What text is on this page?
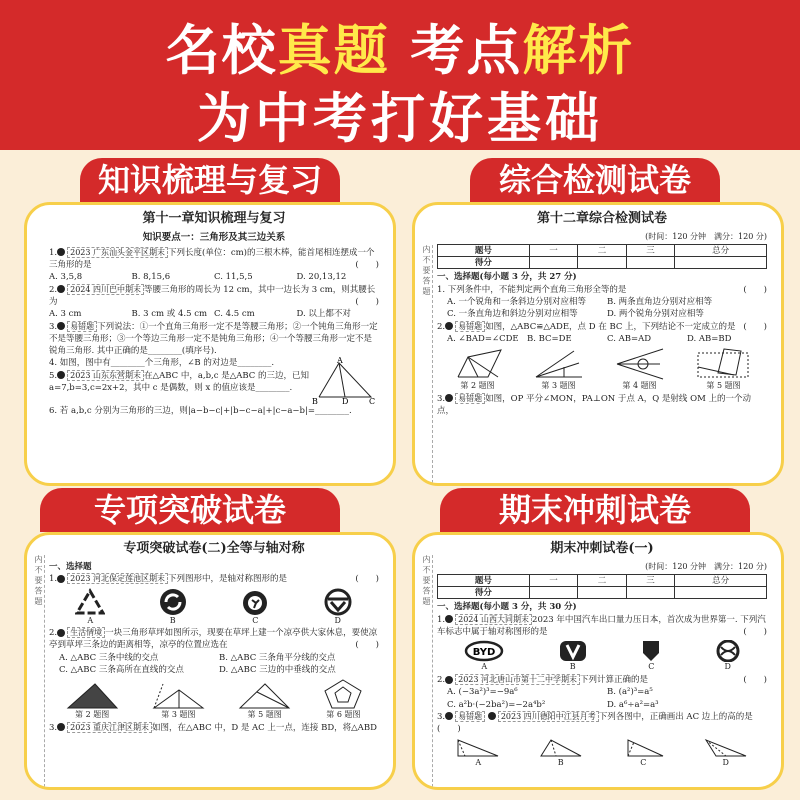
名校真题 考点解析
为中考打好基础
知识梳理与复习
第十一章知识梳理与复习
知识要点一：三角形及其三边关系
1. 2023 广东汕头金平区期末 下列长度(单位：cm)的三根木棒，能首尾相连摆成一个三角形的是	(　　)
A. 3,5,8	B. 8,15,6	C. 11,5,5	D. 20,13,12
2. 2024 四川巴中期末 等腰三角形的周长为 12 cm，其中一边长为 3 cm，则其腰长为	(　　)
A. 3 cm	B. 3 cm 或 4.5 cm C. 4.5 cm	D. 以上都不对
3. 易错题 下列说法：①一个直角三角形一定不是等腰三角形；②一个钝角三角形一定不是等腰三角形；③一个等边三角形一定不是钝角三角形；④一个等腰三角形一定不是锐角三角形. 其中正确的是________(填序号).
4. 如图，图中有________个三角形，∠B 的对边是________.
5. 2023 山东东营期末 在△ABC 中，a,b,c 是△ABC 的三边，已知 a=7,b=3,c=2x+2，其中 c 是偶数，则 x 的值应该是________.
A
B	D	C
6. 若 a,b,c 分别为三角形的三边，则|a−b−c|+|b−c−a|+|c−a−b|=________.
综合检测试卷
内 不 要 答 题
第十二章综合检测试卷
(时间：120 分钟　满分：120 分)
题号	一	二	三	总分
得分				
一、选择题(每小题 3 分，共 27 分)
1. 下列条件中，不能判定两个直角三角形全等的是	(　　)
A. 一个锐角和一条斜边分别对应相等	B. 两条直角边分别对应相等
C. 一条直角边和斜边分别对应相等	D. 两个锐角分别对应相等
2. 易错题 如图，△ABC≌△ADE，点 D 在 BC 上，下列结论不一定成立的是 (　　)
A. ∠BAD=∠CDE B. BC=DE	C. AB=AD	D. AB=BD
第 2 题图	第 3 题图	第 4 题图	第 5 题图
3. 易错题 如图，OP 平分∠MON，PA⊥ON 于点 A，Q 是射线 OM 上的一个动点，
专项突破试卷
内 不 要 答 题
专项突破试卷(二)全等与轴对称
一、选择题
1. 2023 河北保定莲池区期末 下列图形中，是轴对称图形的是	(　　)
A	B	C	D
2. 生活情境 一块三角形草坪如图所示，现要在草坪上建一个凉亭供大家休息，要使凉亭到草坪三条边的距离相等，凉亭的位置应选在	(　　)
A. △ABC 三条中线的交点	B. △ABC 三条角平分线的交点
C. △ABC 三条高所在直线的交点	D. △ABC 三边的中垂线的交点
第 2 题图	第 3 题图	第 5 题图	第 6 题图
3. 2023 重庆江津区期末 如图，在△ABC 中，D 是 AC 上一点，连接 BD，将△ABD
期末冲刺试卷
内 不 要 答 题
期末冲刺试卷(一)
(时间：120 分钟　满分：120 分)
题号	一	二	三	总分
得分				
一、选择题(每小题 3 分，共 30 分)
1. 2024 山西大同期末 2023 年中国汽车出口量力压日本，首次成为世界第一. 下列汽车标志中属于轴对称图形的是	(　　)
BYD
A	B	C	D
2. 2023 河北唐山市第十二中学期末 下列计算正确的是	(　　)
A. (−3a²)³=−9a⁶	B. (a²)³=a⁵
C. a²b·(−2ba²)=−2a⁴b²	D. a⁶÷a²=a³
3. 易错题 2023 四川德阳中江县月考 下列各图中，正确画出 AC 边上的高的是(　　)
A	B	C	D
